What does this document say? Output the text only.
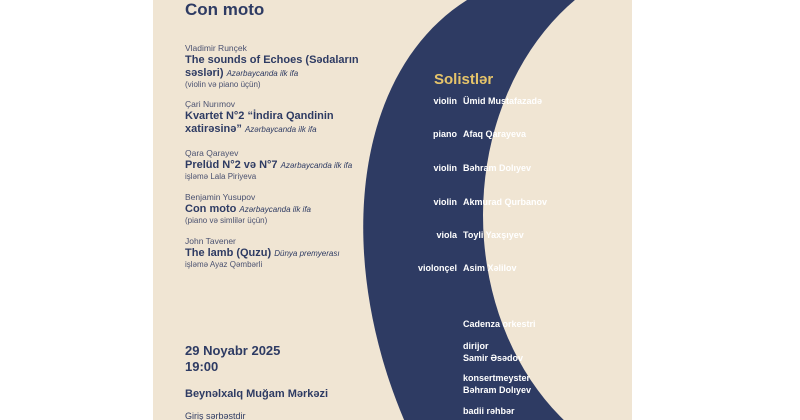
Con moto
Vladimir Runçek
The sounds of Echoes (Sədaların
səsləri) Azərbaycanda ilk ifa
(violin və piano üçün)
Çari Nurımov
Kvartet N°2 “İndira Qandinin
xatirəsinə” Azərbaycanda ilk ifa
Qara Qarayev
Prelüd N°2 və N°7 Azərbaycanda ilk ifa
işləmə Lala Piriyeva
Benjamin Yusupov
Con moto Azərbaycanda ilk ifa
(piano və simlilər üçün)
John Tavener
The lamb (Quzu) Dünya premyerası
işləmə Ayaz Qəmbərli
29 Noyabr 2025
19:00
Beynəlxalq Muğam Mərkəzi
Giriş sərbəstdir
Solistlər
violin Ümid Mustafazadə
piano Afaq Qarayeva
violin Bəhram Dolıyev
violin Akmurad Qurbanov
viola Toyli Yaxşıyev
violonçel Asim Xəlilov
Cadenza orkestri
dirijor
Samir Əsədov
konsertmeyster
Bəhram Dolıyev
badii rəhbər
